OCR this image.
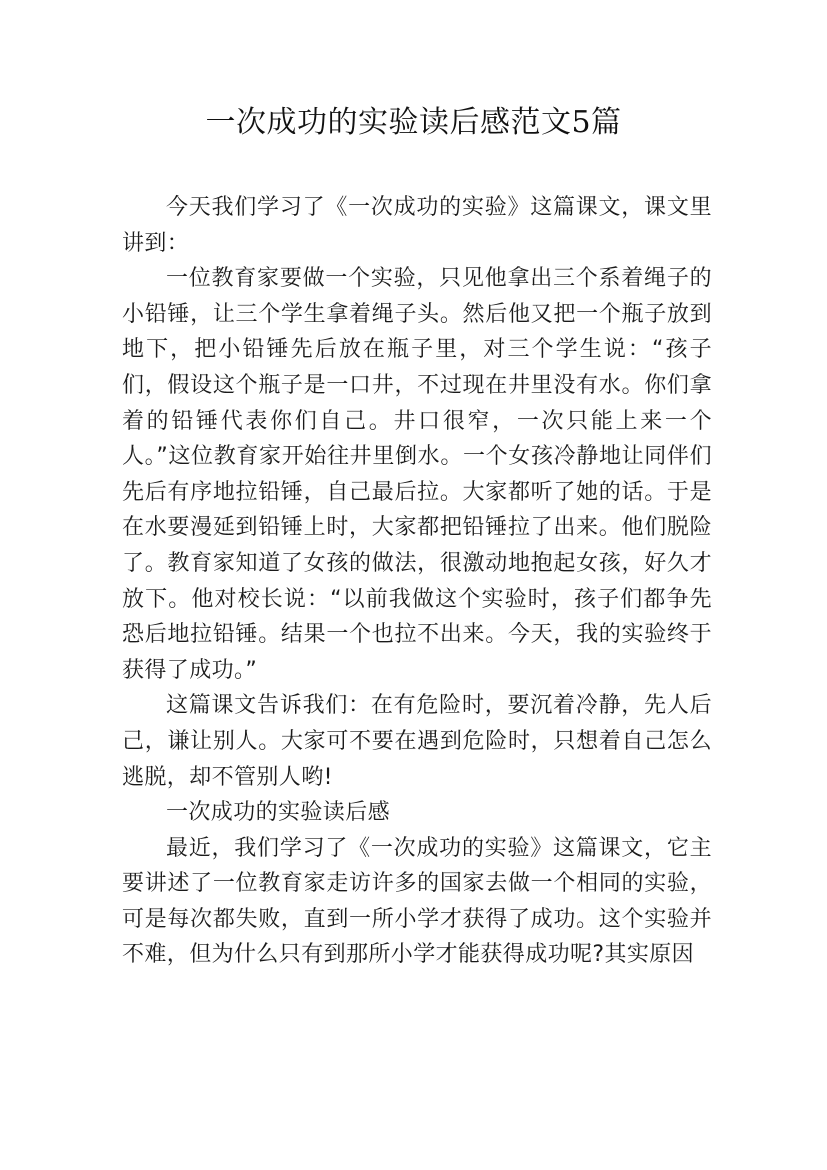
一次成功的实验读后感范文5篇

今天我们学习了《一次成功的实验》这篇课文，课文里讲到：

一位教育家要做一个实验，只见他拿出三个系着绳子的小铅锤，让三个学生拿着绳子头。然后他又把一个瓶子放到地下，把小铅锤先后放在瓶子里，对三个学生说：“孩子们，假设这个瓶子是一口井，不过现在井里没有水。你们拿着的铅锤代表你们自己。井口很窄，一次只能上来一个人。”这位教育家开始往井里倒水。一个女孩冷静地让同伴们先后有序地拉铅锤，自己最后拉。大家都听了她的话。于是在水要漫延到铅锤上时，大家都把铅锤拉了出来。他们脱险了。教育家知道了女孩的做法，很激动地抱起女孩，好久才放下。他对校长说：“以前我做这个实验时，孩子们都争先恐后地拉铅锤。结果一个也拉不出来。今天，我的实验终于获得了成功。”

这篇课文告诉我们：在有危险时，要沉着冷静，先人后己，谦让别人。大家可不要在遇到危险时，只想着自己怎么逃脱，却不管别人哟!

一次成功的实验读后感

最近，我们学习了《一次成功的实验》这篇课文，它主要讲述了一位教育家走访许多的国家去做一个相同的实验，可是每次都失败，直到一所小学才获得了成功。这个实验并不难，但为什么只有到那所小学才能获得成功呢?其实原因
